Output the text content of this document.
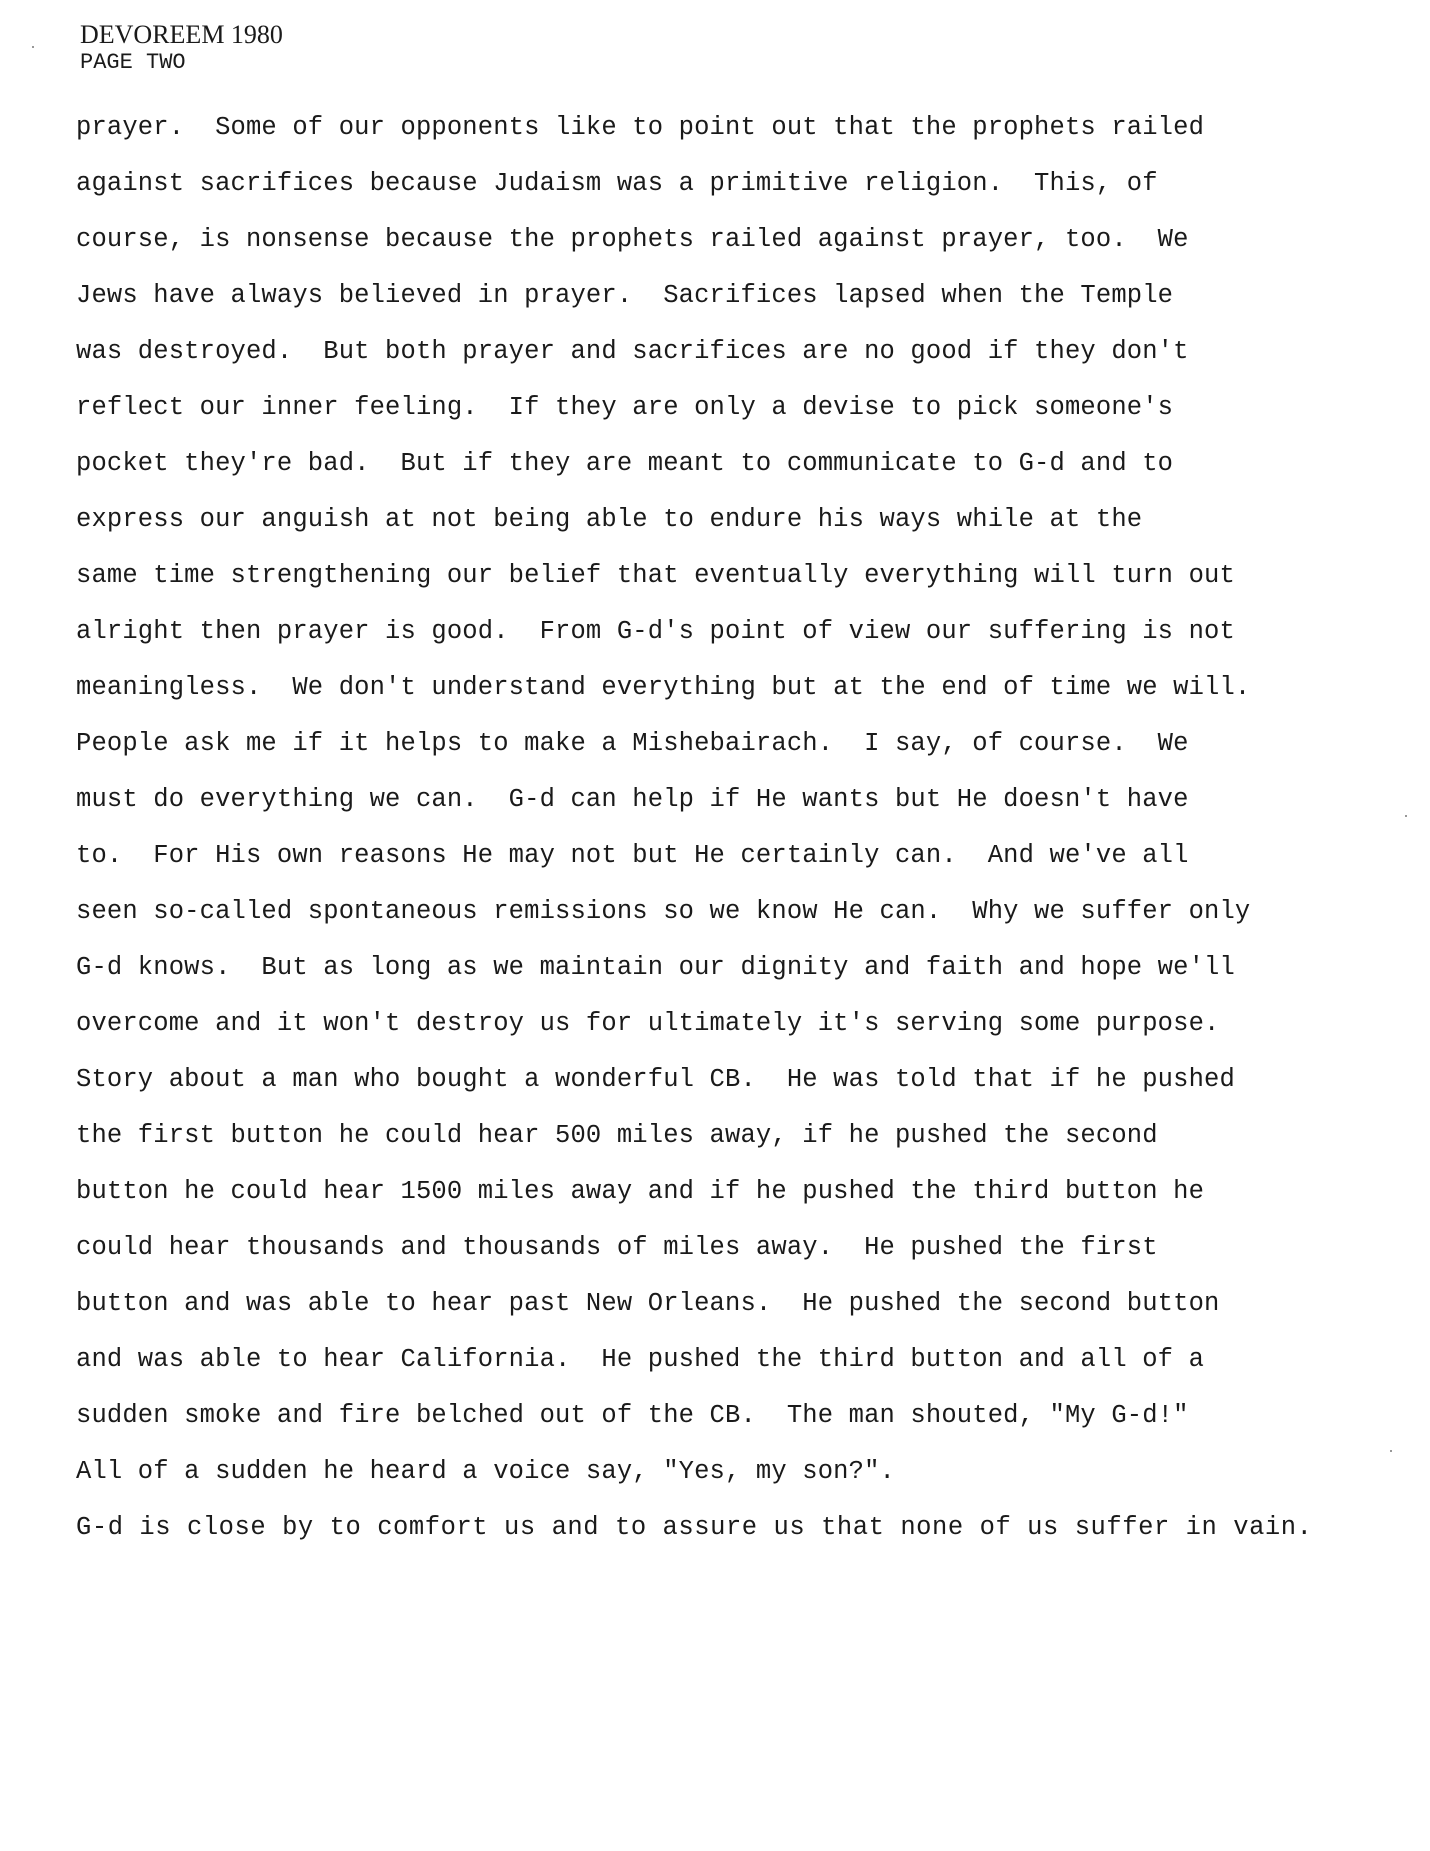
DEVOREEM 1980
PAGE TWO
prayer.  Some of our opponents like to point out that the prophets railed
against sacrifices because Judaism was a primitive religion.  This, of
course, is nonsense because the prophets railed against prayer, too.  We
Jews have always believed in prayer.  Sacrifices lapsed when the Temple
was destroyed.  But both prayer and sacrifices are no good if they don't
reflect our inner feeling.  If they are only a devise to pick someone's
pocket they're bad.  But if they are meant to communicate to G-d and to
express our anguish at not being able to endure his ways while at the
same time strengthening our belief that eventually everything will turn out
alright then prayer is good.  From G-d's point of view our suffering is not
meaningless.  We don't understand everything but at the end of time we will.
People ask me if it helps to make a Mishebairach.  I say, of course.  We
must do everything we can.  G-d can help if He wants but He doesn't have
to.  For His own reasons He may not but He certainly can.  And we've all
seen so-called spontaneous remissions so we know He can.  Why we suffer only
G-d knows.  But as long as we maintain our dignity and faith and hope we'll
overcome and it won't destroy us for ultimately it's serving some purpose.
Story about a man who bought a wonderful CB.  He was told that if he pushed
the first button he could hear 500 miles away, if he pushed the second
button he could hear 1500 miles away and if he pushed the third button he
could hear thousands and thousands of miles away.  He pushed the first
button and was able to hear past New Orleans.  He pushed the second button
and was able to hear California.  He pushed the third button and all of a
sudden smoke and fire belched out of the CB.  The man shouted, "My G-d!"
All of a sudden he heard a voice say, "Yes, my son?".
G-d is close by to comfort us and to assure us that none of us suffer in vain.
